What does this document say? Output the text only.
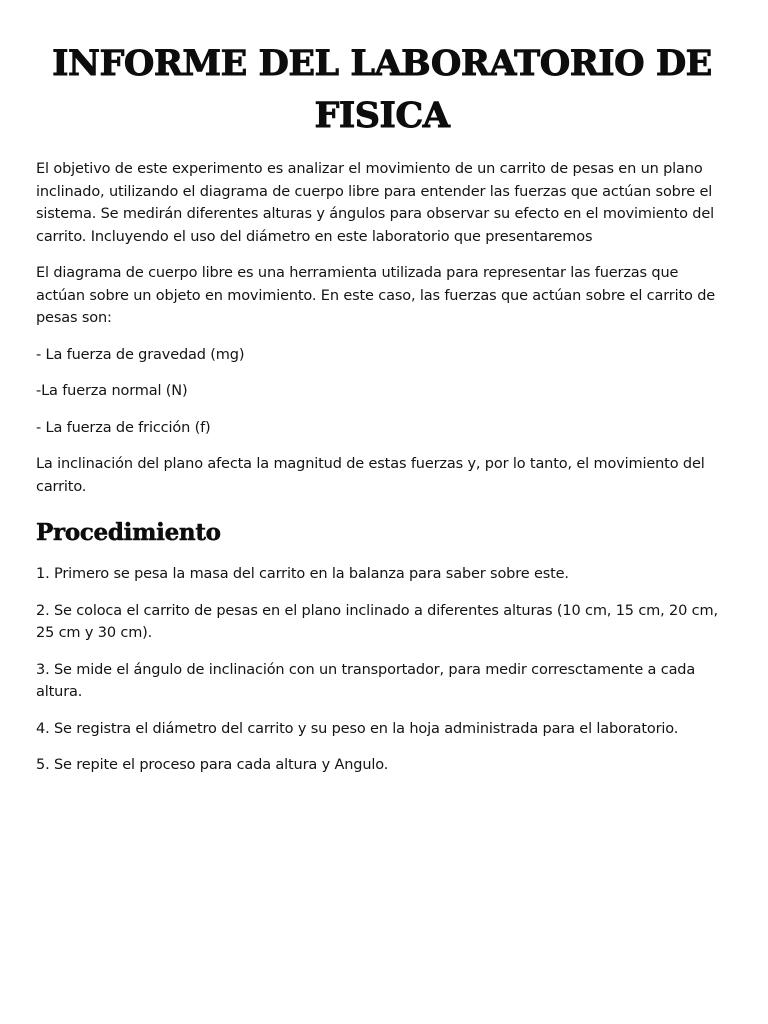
INFORME DEL LABORATORIO DE FISICA

El objetivo de este experimento es analizar el movimiento de un carrito de pesas en un plano inclinado, utilizando el diagrama de cuerpo libre para entender las fuerzas que actúan sobre el sistema. Se medirán diferentes alturas y ángulos para observar su efecto en el movimiento del carrito. Incluyendo el uso del diámetro en este laboratorio que presentaremos

El diagrama de cuerpo libre es una herramienta utilizada para representar las fuerzas que actúan sobre un objeto en movimiento. En este caso, las fuerzas que actúan sobre el carrito de pesas son:

- La fuerza de gravedad (mg)

-La fuerza normal (N)

- La fuerza de fricción (f)

La inclinación del plano afecta la magnitud de estas fuerzas y, por lo tanto, el movimiento del carrito.

Procedimiento

1. Primero se pesa la masa del carrito en la balanza para saber sobre este.

2. Se coloca el carrito de pesas en el plano inclinado a diferentes alturas (10 cm, 15 cm, 20 cm, 25 cm y 30 cm).

3. Se mide el ángulo de inclinación con un transportador, para medir corresctamente a cada altura.

4. Se registra el diámetro del carrito y su peso en la hoja administrada para el laboratorio.

5. Se repite el proceso para cada altura y Angulo.
